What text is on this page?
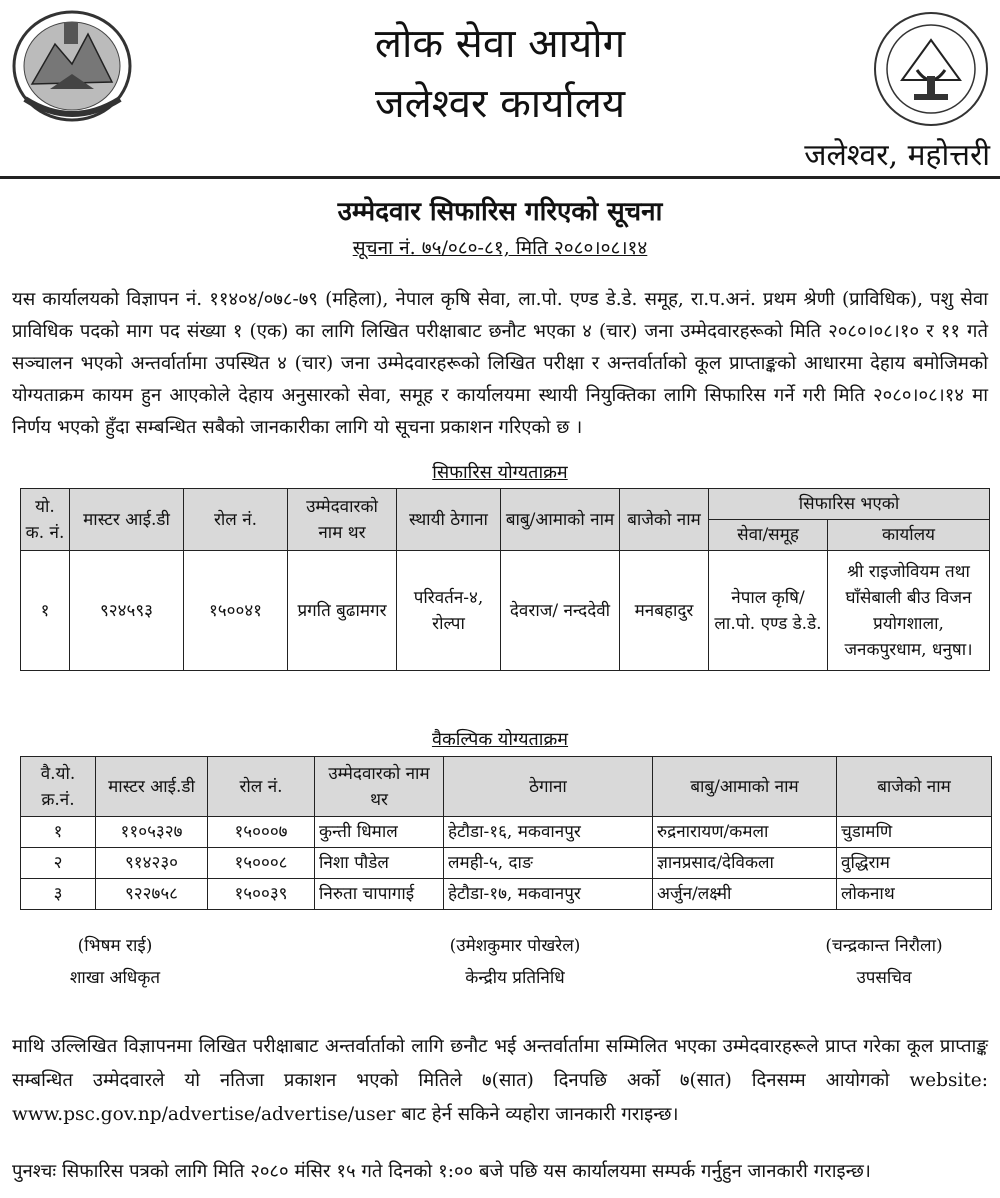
लोक सेवा आयोग
जलेश्वर कार्यालय
जलेश्वर, महोत्तरी
उम्मेदवार सिफारिस गरिएको सूचना
सूचना नं. ७५/०८०-८१, मिति २०८०।०८।१४
यस कार्यालयको विज्ञापन नं. ११४०४/०७८-७९ (महिला), नेपाल कृषि सेवा, ला.पो. एण्ड डे.डे. समूह, रा.प.अनं. प्रथम श्रेणी (प्राविधिक), पशु सेवा प्राविधिक पदको माग पद संख्या १ (एक) का लागि लिखित परीक्षाबाट छनौट भएका ४ (चार) जना उम्मेदवारहरूको मिति २०८०।०८।१० र ११ गते सञ्चालन भएको अन्तर्वार्तामा उपस्थित ४ (चार) जना उम्मेदवारहरूको लिखित परीक्षा र अन्तर्वार्ताको कूल प्राप्ताङ्कको आधारमा देहाय बमोजिमको योग्यताक्रम कायम हुन आएकोले देहाय अनुसारको सेवा, समूह र कार्यालयमा स्थायी नियुक्तिका लागि सिफारिस गर्ने गरी मिति २०८०।०८।१४ मा निर्णय भएको हुँदा सम्बन्धित सबैको जानकारीका लागि यो सूचना प्रकाशन गरिएको छ ।
सिफारिस योग्यताक्रम
यो. क. नं.	मास्टर आई.डी	रोल नं.	उम्मेदवारको नाम थर	स्थायी ठेगाना	बाबु/आमाको नाम	बाजेको नाम	सिफारिस भएको	
							सेवा/समूह	कार्यालय
१	९२४५९३	१५००४१	प्रगति बुढामगर	परिवर्तन-४, रोल्पा	देवराज/ नन्ददेवी	मनबहादुर	नेपाल कृषि/ला.पो. एण्ड डे.डे.	श्री राइजोवियम तथा घाँसेबाली बीउ विजन प्रयोगशाला, जनकपुरधाम, धनुषा।
वैकल्पिक योग्यताक्रम
वै.यो. क्र.नं.	मास्टर आई.डी	रोल नं.	उम्मेदवारको नाम थर	ठेगाना	बाबु/आमाको नाम	बाजेको नाम
१	११०५३२७	१५०००७	कुन्ती धिमाल	हेटौडा-१६, मकवानपुर	रुद्रनारायण/कमला	चुडामणि
२	९१४२३०	१५०००८	निशा पौडेल	लमही-५, दाङ	ज्ञानप्रसाद/देविकला	वुद्धिराम
३	९२२७५८	१५००३९	निरुता चापागाई	हेटौडा-१७, मकवानपुर	अर्जुन/लक्ष्मी	लोकनाथ
(भिषम राई)
शाखा अधिकृत
(उमेशकुमार पोखरेल)
केन्द्रीय प्रतिनिधि
(चन्द्रकान्त निरौला)
उपसचिव
माथि उल्लिखित विज्ञापनमा लिखित परीक्षाबाट अन्तर्वार्ताको लागि छनौट भई अन्तर्वार्तामा सम्मिलित भएका उम्मेदवारहरूले प्राप्त गरेका कूल प्राप्ताङ्क सम्बन्धित उम्मेदवारले यो नतिजा प्रकाशन भएको मितिले ७(सात) दिनपछि अर्को ७(सात) दिनसम्म आयोगको website: www.psc.gov.np/advertise/advertise/user बाट हेर्न सकिने व्यहोरा जानकारी गराइन्छ।
पुनश्चः सिफारिस पत्रको लागि मिति २०८० मंसिर १५ गते दिनको १:०० बजे पछि यस कार्यालयमा सम्पर्क गर्नुहुन जानकारी गराइन्छ।
